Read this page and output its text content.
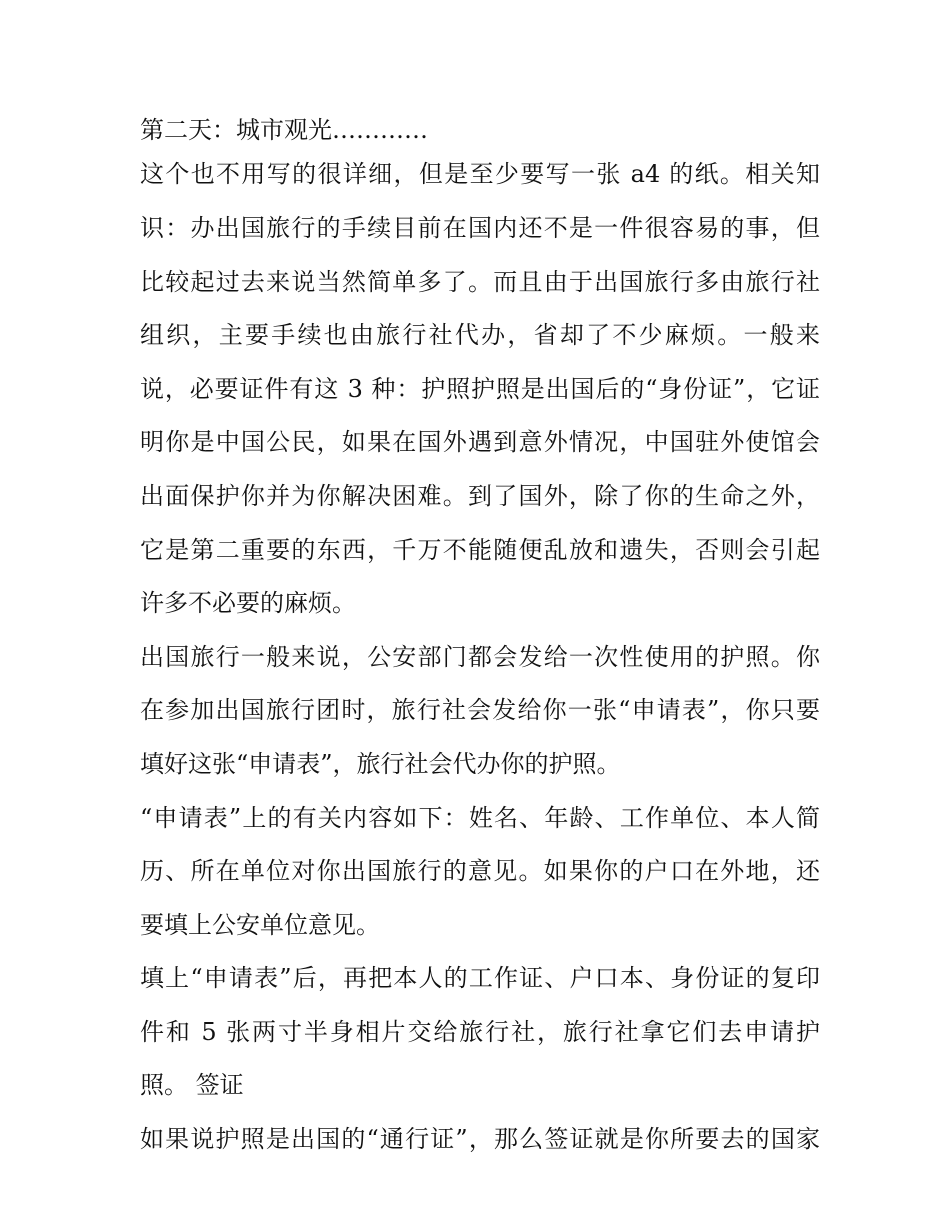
第二天：城市观光…………
这个也不用写的很详细，但是至少要写一张 a4 的纸。相关知
识：办出国旅行的手续目前在国内还不是一件很容易的事，但
比较起过去来说当然简单多了。而且由于出国旅行多由旅行社
组织，主要手续也由旅行社代办，省却了不少麻烦。一般来
说，必要证件有这 3 种：护照护照是出国后的“身份证”，它证
明你是中国公民，如果在国外遇到意外情况，中国驻外使馆会
出面保护你并为你解决困难。到了国外，除了你的生命之外，
它是第二重要的东西，千万不能随便乱放和遗失，否则会引起
许多不必要的麻烦。
出国旅行一般来说，公安部门都会发给一次性使用的护照。你
在参加出国旅行团时，旅行社会发给你一张“申请表”，你只要
填好这张“申请表”，旅行社会代办你的护照。
“申请表”上的有关内容如下：姓名、年龄、工作单位、本人简
历、所在单位对你出国旅行的意见。如果你的户口在外地，还
要填上公安单位意见。
填上“申请表”后，再把本人的工作证、户口本、身份证的复印
件和 5 张两寸半身相片交给旅行社，旅行社拿它们去申请护
照。 签证
如果说护照是出国的“通行证”，那么签证就是你所要去的国家
